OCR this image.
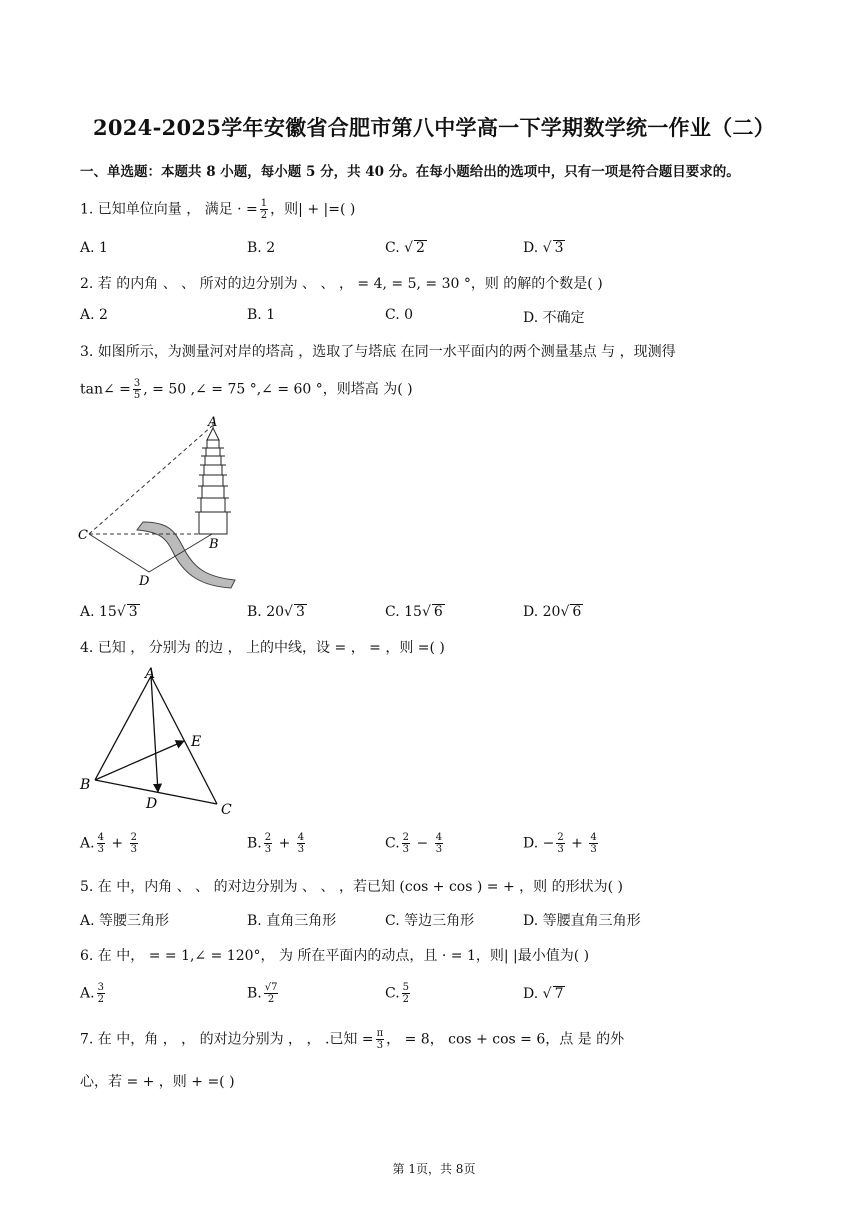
2024-2025学年安徽省合肥市第八中学高一下学期数学统一作业（二）
一、单选题：本题共 8 小题，每小题 5 分，共 40 分。在每小题给出的选项中，只有一项是符合题目要求的。
1. 已知单位向量 ， 满足 · = $\frac{1}{2}$ ，则| + |=( )
A. 1	B. 2	C. √ 2	D. √ 3
2. 若 的内角 、 、 所对的边分别为 、 、 ， = 4, = 5, = 30 °，则 的解的个数是( )
A. 2	B. 1	C. 0	D. 不确定
3. 如图所示，为测量河对岸的塔高 ，选取了与塔底 在同一水平面内的两个测量基点 与 ，现测得
tan∠ = $\frac{3}{5}$ , = 50 ,∠ = 75 °,∠ = 60 °，则塔高 为( )
A
B
C
D
A. 15√ 3	B. 20√ 3	C. 15√ 6	D. 20√ 6
4. 已知 ， 分别为 的边 ， 上的中线，设 = ， = ，则 =( )
A
B
C
D
E
A. $\frac{4}{3} + \frac{2}{3}$	B. $\frac{2}{3} + \frac{4}{3}$	C. $\frac{2}{3} - \frac{4}{3}$	D. − $\frac{2}{3} + \frac{4}{3}$
5. 在 中，内角 、 、 的对边分别为 、 、 ，若已知 (cos + cos ) = + ，则 的形状为( )
A. 等腰三角形	B. 直角三角形	C. 等边三角形	D. 等腰直角三角形
6. 在 中， = = 1,∠ = 120°， 为 所在平面内的动点，且 · = 1，则| |最小值为( )
A. $\frac{3}{2}$	B. $\frac{√7}{2}$	C. $\frac{5}{2}$	D. √ 7
7. 在 中，角 ， ， 的对边分别为 ， ， .已知 = $\frac{\pi}{3}$ ， = 8， cos + cos = 6，点 是 的外
心，若 = + ，则 + =( )
第 1页，共 8页
